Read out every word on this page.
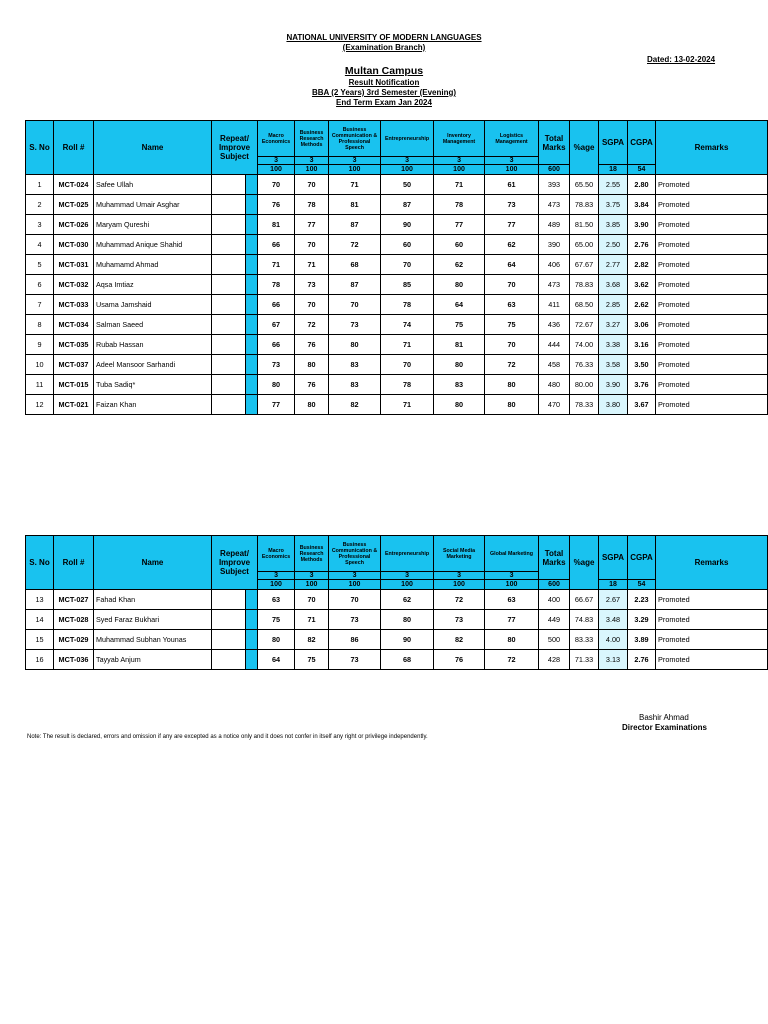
NATIONAL UNIVERSITY OF MODERN LANGUAGES
(Examination Branch)
Dated: 13-02-2024
Multan Campus
Result Notification
BBA (2 Years) 3rd Semester (Evening)
End Term Exam Jan 2024
S. No	Roll #	Name	Repeat/ Improve Subject		Macro Economics	Business Research Methods	Business Communication & Professional Speech	Entrepreneurship	Inventory Management	Logistics Management	Total Marks	%age	SGPA	CGPA	Remarks
					3	3	3	3	3	3					
					100	100	100	100	100	100	600		18	54	
1	MCT-024	Safee Ullah			70	70	71	50	71	61	393	65.50	2.55	2.80	Promoted
2	MCT-025	Muhammad Umair Asghar			76	78	81	87	78	73	473	78.83	3.75	3.84	Promoted
3	MCT-026	Maryam Qureshi			81	77	87	90	77	77	489	81.50	3.85	3.90	Promoted
4	MCT-030	Muhammad Anique Shahid			66	70	72	60	60	62	390	65.00	2.50	2.76	Promoted
5	MCT-031	Muhamamd Ahmad			71	71	68	70	62	64	406	67.67	2.77	2.82	Promoted
6	MCT-032	Aqsa Imtiaz			78	73	87	85	80	70	473	78.83	3.68	3.62	Promoted
7	MCT-033	Usama Jamshaid			66	70	70	78	64	63	411	68.50	2.85	2.62	Promoted
8	MCT-034	Salman Saeed			67	72	73	74	75	75	436	72.67	3.27	3.06	Promoted
9	MCT-035	Rubab Hassan			66	76	80	71	81	70	444	74.00	3.38	3.16	Promoted
10	MCT-037	Adeel Mansoor Sarhandi			73	80	83	70	80	72	458	76.33	3.58	3.50	Promoted
11	MCT-015	Tuba Sadiq*			80	76	83	78	83	80	480	80.00	3.90	3.76	Promoted
12	MCT-021	Faizan Khan			77	80	82	71	80	80	470	78.33	3.80	3.67	Promoted
S. No	Roll #	Name	Repeat/ Improve Subject		Macro Economics	Business Research Methods	Business Communication & Professional Speech	Entrepreneurship	Social Media Marketing	Global Marketing	Total Marks	%age	SGPA	CGPA	Remarks
					3	3	3	3	3	3					
					100	100	100	100	100	100	600		18	54	
13	MCT-027	Fahad Khan			63	70	70	62	72	63	400	66.67	2.67	2.23	Promoted
14	MCT-028	Syed Faraz Bukhari			75	71	73	80	73	77	449	74.83	3.48	3.29	Promoted
15	MCT-029	Muhammad Subhan Younas			80	82	86	90	82	80	500	83.33	4.00	3.89	Promoted
16	MCT-036	Tayyab Anjum			64	75	73	68	76	72	428	71.33	3.13	2.76	Promoted
Bashir Ahmad
Director Examinations
Note: The result is declared, errors and omission if any are excepted as a notice only and it does not confer in itself any right or privilege independently.
